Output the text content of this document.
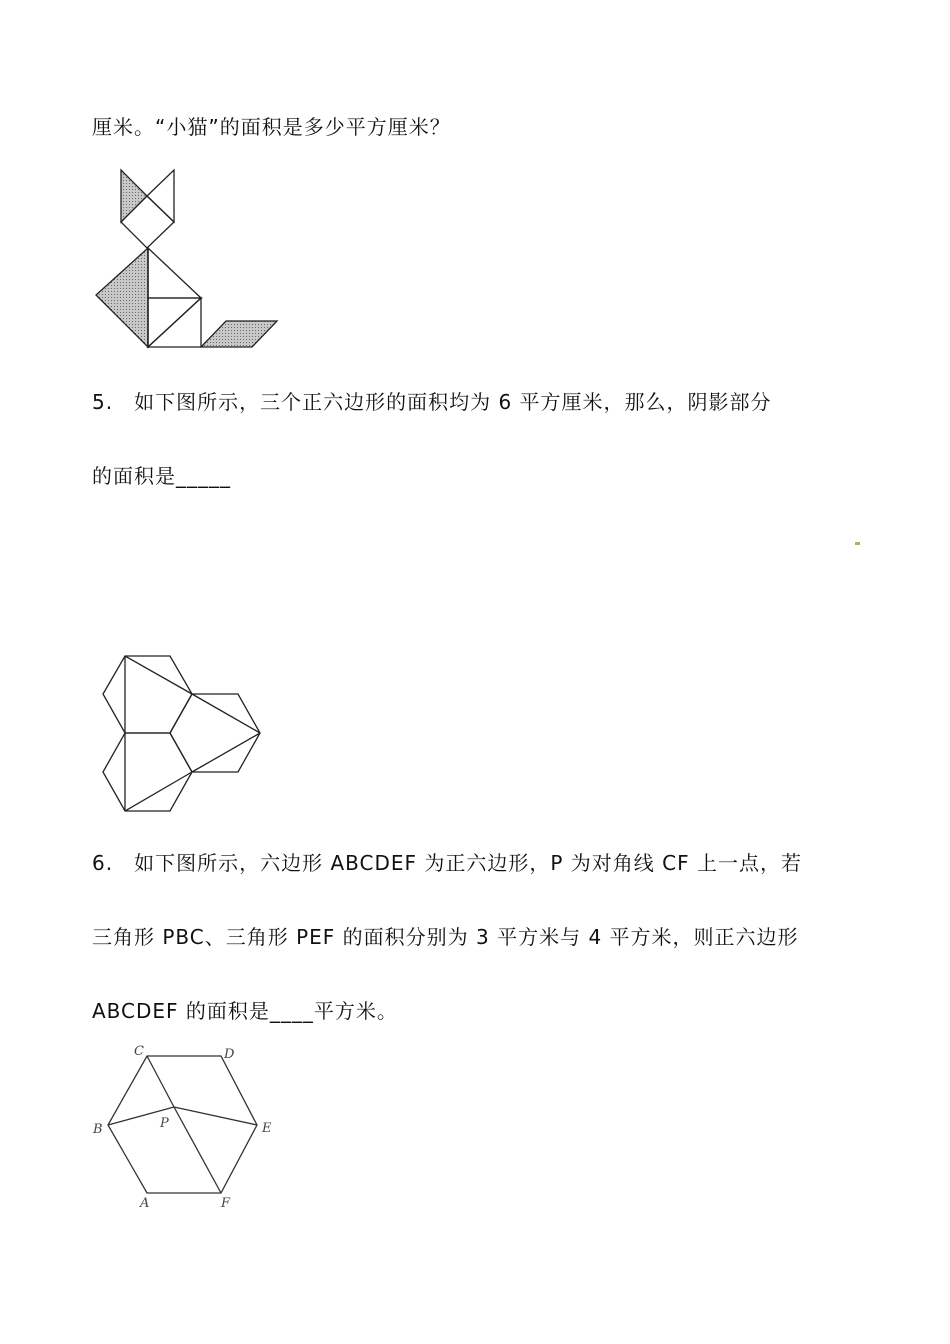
厘米。“小猫”的面积是多少平方厘米？
5.　如下图所示，三个正六边形的面积均为 6 平方厘米，那么，阴影部分
的面积是_____
6.　如下图所示，六边形 ABCDEF 为正六边形，P 为对角线 CF 上一点，若
三角形 PBC、三角形 PEF 的面积分别为 3 平方米与 4 平方米，则正六边形
ABCDEF 的面积是____平方米。
C	D
B	P	E
A	F
